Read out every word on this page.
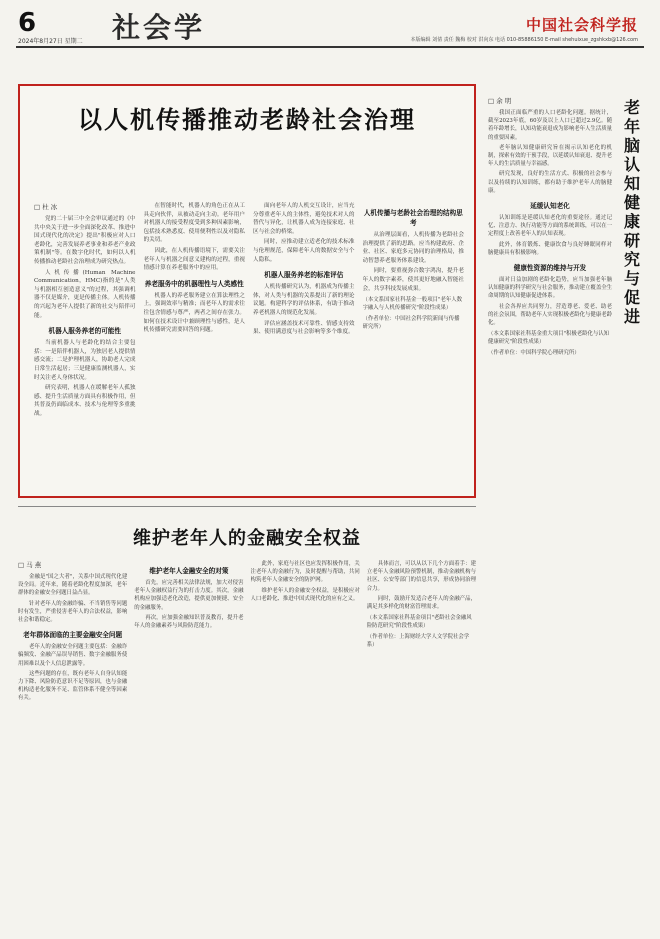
6	社会学
2024年8月27日 星期二
中国社会科学报
本版编辑 刘倩 责任 魏梅 校对 洪向东 电话 010-85886150 E-mail shehuixue_zgshkxb@126.com
以人机传播推动老龄社会治理

□ 杜 冰

党的二十届三中全会审议通过的《中共中央关于进一步全面深化改革、推进中国式现代化的决定》提出"积极应对人口老龄化，完善发展养老事业和养老产业政策机制"等。在数字化时代，如何以人机传播推动老龄社会治理成为研究热点。

人机传播(Human Machine Communication，HMC)指的是"人类与机器相互创造意义"的过程，其强调机器不仅是媒介，更是传播主体。人机传播的兴起为老年人提供了新的社交与陪伴可能。

机器人服务养老的可能性

当前机器人与老龄化的结合主要包括：一是陪伴机器人，为独居老人提供情感交流；二是护理机器人，协助老人完成日常生活起居；三是健康监测机器人，实时关注老人身体状况。

研究表明，机器人在缓解老年人孤独感、提升生活质量方面具有积极作用，但其普及仍面临成本、技术与伦理等多重挑战。

在智能时代，机器人的角色正在从工具走向伙伴，从被动走向主动。老年用户对机器人的接受程度受到多种因素影响，包括技术熟悉度、使用便利性以及对隐私的关切。

因此，在人机传播语境下，需要关注老年人与机器之间意义建构的过程，重视情感计算在养老服务中的应用。

养老服务中的机器理性与人类感性

机器人的养老服务建立在算法理性之上，强调效率与精准；而老年人的需求往往包含情感与尊严，两者之间存在张力。如何在技术设计中兼顾理性与感性，是人机传播研究需要回答的问题。

面向老年人的人机交互设计，应当充分尊重老年人的主体性，避免技术对人的替代与异化，让机器人成为连接家庭、社区与社会的桥梁。

同时，应推动建立适老化的技术标准与伦理规范，保障老年人的数据安全与个人隐私。

机器人服务养老的标准评估

人机传播研究认为，机器成为传播主体，对人类与机器的关系提出了新的理论议题。构建科学的评估体系，有助于推动养老机器人的规范化发展。

评估应涵盖技术可靠性、情感支持效果、使用满意度与社会影响等多个维度。

人机传播与老龄社会治理的结构思考

从治理层面看，人机传播为老龄社会治理提供了新的思路。应当构建政府、企业、社区、家庭多元协同的治理格局，推动智慧养老服务体系建设。

同时，要重视弥合数字鸿沟，提升老年人的数字素养，使其更好地融入智能社会，共享科技发展成果。

（本文系国家社科基金一般项目"老年人数字融入与人机传播研究"阶段性成果）

（作者单位：中国社会科学院新闻与传播研究所）

老年脑认知健康研究与促进

□ 余 明

我国正面临严重的人口老龄化问题。据统计，截至2023年底，60岁及以上人口已超过2.9亿。随着年龄增长，认知功能衰退成为影响老年人生活质量的重要因素。

老年脑认知健康研究旨在揭示认知老化的机制，探索有效的干预手段，以延缓认知衰退、提升老年人的生活质量与幸福感。

研究发现，良好的生活方式、积极的社会参与以及持续的认知训练，都有助于维护老年人的脑健康。

延缓认知老化

认知训练是延缓认知老化的重要途径。通过记忆、注意力、执行功能等方面的系统训练，可以在一定程度上改善老年人的认知表现。

此外，体育锻炼、健康饮食与良好睡眠同样对脑健康具有积极影响。

健康性资源的维持与开发

面对日益加剧的老龄化趋势，应当加强老年脑认知健康的科学研究与社会服务，推动建立覆盖全生命周期的认知健康促进体系。

社会各界应共同努力，营造尊老、爱老、助老的社会氛围，帮助老年人实现积极老龄化与健康老龄化。

（本文系国家社科基金重大项目"积极老龄化与认知健康研究"阶段性成果）

（作者单位：中国科学院心理研究所）

维护老年人的金融安全权益

□ 马 燕

金融是"国之大者"，关系中国式现代化建设全局。近年来，随着老龄化程度加深，老年群体的金融安全问题日益凸显。

针对老年人的金融诈骗、不当销售等问题时有发生，严重侵害老年人的合法权益，影响社会和谐稳定。

老年群体面临的主要金融安全问题

老年人的金融安全问题主要包括：金融诈骗频发、金融产品误导销售、数字金融服务使用困难以及个人信息泄露等。

这些问题的存在，既有老年人自身认知能力下降、风险防范意识不足等原因，也与金融机构适老化服务不足、监管体系不健全等因素有关。

维护老年人金融安全的对策

首先，应完善相关法律法规，加大对侵害老年人金融权益行为的打击力度。其次，金融机构应加强适老化改造，提供更加便捷、安全的金融服务。

再次，应加强金融知识普及教育，提升老年人的金融素养与风险防范能力。

此外，家庭与社区也应发挥积极作用，关注老年人的金融行为，及时提醒与帮助，共同构筑老年人金融安全的防护网。

维护老年人的金融安全权益，是积极应对人口老龄化、推进中国式现代化的应有之义。

具体而言，可以从以下几个方面着手：建立老年人金融风险预警机制，推动金融机构与社区、公安等部门的信息共享，形成协同治理合力。

同时，鼓励开发适合老年人的金融产品，满足其多样化的财富管理需求。

（本文系国家社科基金项目"老龄社会金融风险防范研究"阶段性成果）

（作者单位：上海财经大学人文学院社会学系）
